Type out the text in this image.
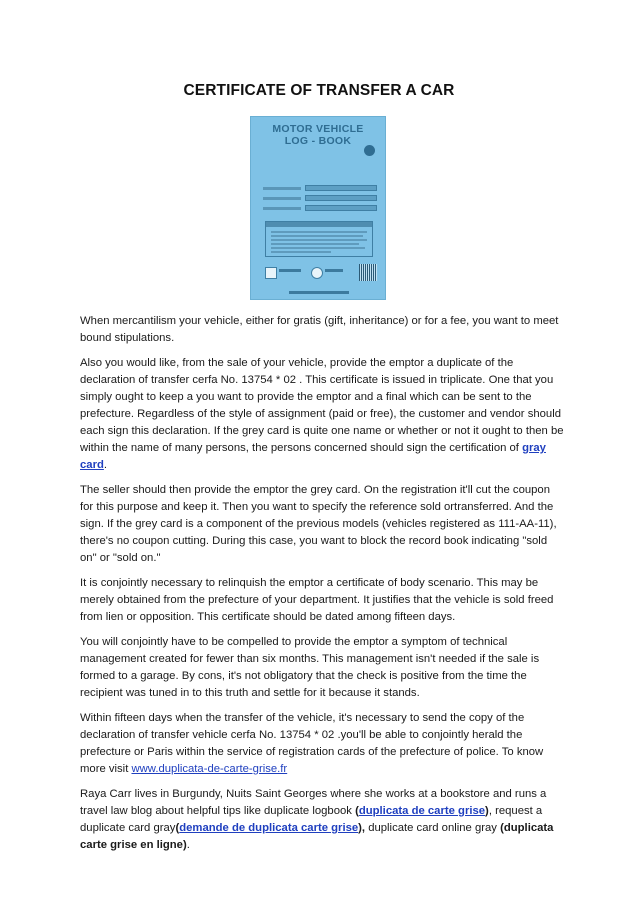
CERTIFICATE OF TRANSFER A CAR
MOTOR VEHICLE
LOG - BOOK

When mercantilism your vehicle, either for gratis (gift, inheritance) or for a fee, you want to meet bound stipulations.

Also you would like, from the sale of your vehicle, provide the emptor a duplicate of the declaration of transfer cerfa No. 13754 * 02 . This certificate is issued in triplicate. One that you simply ought to keep a you want to provide the emptor and a final which can be sent to the prefecture. Regardless of the style of assignment (paid or free), the customer and vendor should each sign this declaration. If the grey card is quite one name or whether or not it ought to then be within the name of many persons, the persons concerned should sign the certification of gray card.

The seller should then provide the emptor the grey card. On the registration it'll cut the coupon for this purpose and keep it. Then you want to specify the reference sold ortransferred. And the sign. If the grey card is a component of the previous models (vehicles registered as 111-AA-11), there's no coupon cutting. During this case, you want to block the record book indicating "sold on" or "sold on."

It is conjointly necessary to relinquish the emptor a certificate of body scenario. This may be merely obtained from the prefecture of your department. It justifies that the vehicle is sold freed from lien or opposition. This certificate should be dated among fifteen days.

You will conjointly have to be compelled to provide the emptor a symptom of technical management created for fewer than six months. This management isn't needed if the sale is formed to a garage. By cons, it's not obligatory that the check is positive from the time the recipient was tuned in to this truth and settle for it because it stands.

Within fifteen days when the transfer of the vehicle, it's necessary to send the copy of the declaration of transfer vehicle cerfa No. 13754 * 02 .you'll be able to conjointly herald the prefecture or Paris within the service of registration cards of the prefecture of police. To know more visit www.duplicata-de-carte-grise.fr

Raya Carr lives in Burgundy, Nuits Saint Georges where she works at a bookstore and runs a travel law blog about helpful tips like duplicate logbook (duplicata de carte grise), request a duplicate card gray(demande de duplicata carte grise), duplicate card online gray (duplicata carte grise en ligne).
